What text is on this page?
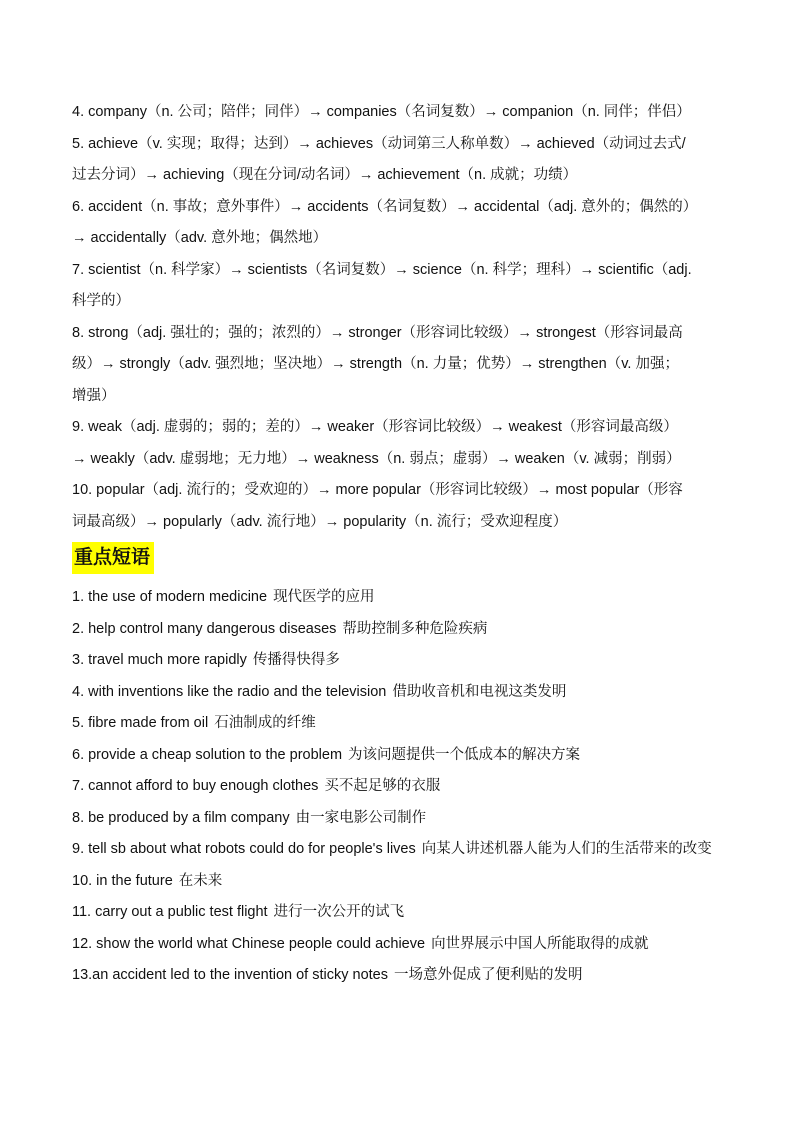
4. company（n. 公司；陪伴；同伴）→ companies（名词复数）→ companion（n. 同伴；伴侣）
5. achieve（v. 实现；取得；达到）→ achieves（动词第三人称单数）→ achieved（动词过去式/
过去分词）→ achieving（现在分词/动名词）→ achievement（n. 成就；功绩）
6. accident（n. 事故；意外事件）→ accidents（名词复数）→ accidental（adj. 意外的；偶然的）
→ accidentally（adv. 意外地；偶然地）
7. scientist（n. 科学家）→ scientists（名词复数）→ science（n. 科学；理科）→ scientific（adj.
科学的）
8. strong（adj. 强壮的；强的；浓烈的）→ stronger（形容词比较级）→ strongest（形容词最高
级）→ strongly（adv. 强烈地；坚决地）→ strength（n. 力量；优势）→ strengthen（v. 加强；
增强）
9. weak（adj. 虚弱的；弱的；差的）→ weaker（形容词比较级）→ weakest（形容词最高级）
→ weakly（adv. 虚弱地；无力地）→ weakness（n. 弱点；虚弱）→ weaken（v. 减弱；削弱）
10. popular（adj. 流行的；受欢迎的）→ more popular（形容词比较级）→ most popular（形容
词最高级）→ popularly（adv. 流行地）→ popularity（n. 流行；受欢迎程度）
重点短语
1. the use of modern medicine 现代医学的应用
2. help control many dangerous diseases 帮助控制多种危险疾病
3. travel much more rapidly 传播得快得多
4. with inventions like the radio and the television 借助收音机和电视这类发明
5. fibre made from oil 石油制成的纤维
6. provide a cheap solution to the problem 为该问题提供一个低成本的解决方案
7. cannot afford to buy enough clothes 买不起足够的衣服
8. be produced by a film company 由一家电影公司制作
9. tell sb about what robots could do for people's lives 向某人讲述机器人能为人们的生活带来的改变
10. in the future 在未来
11. carry out a public test flight 进行一次公开的试飞
12. show the world what Chinese people could achieve 向世界展示中国人所能取得的成就
13.an accident led to the invention of sticky notes 一场意外促成了便利贴的发明
